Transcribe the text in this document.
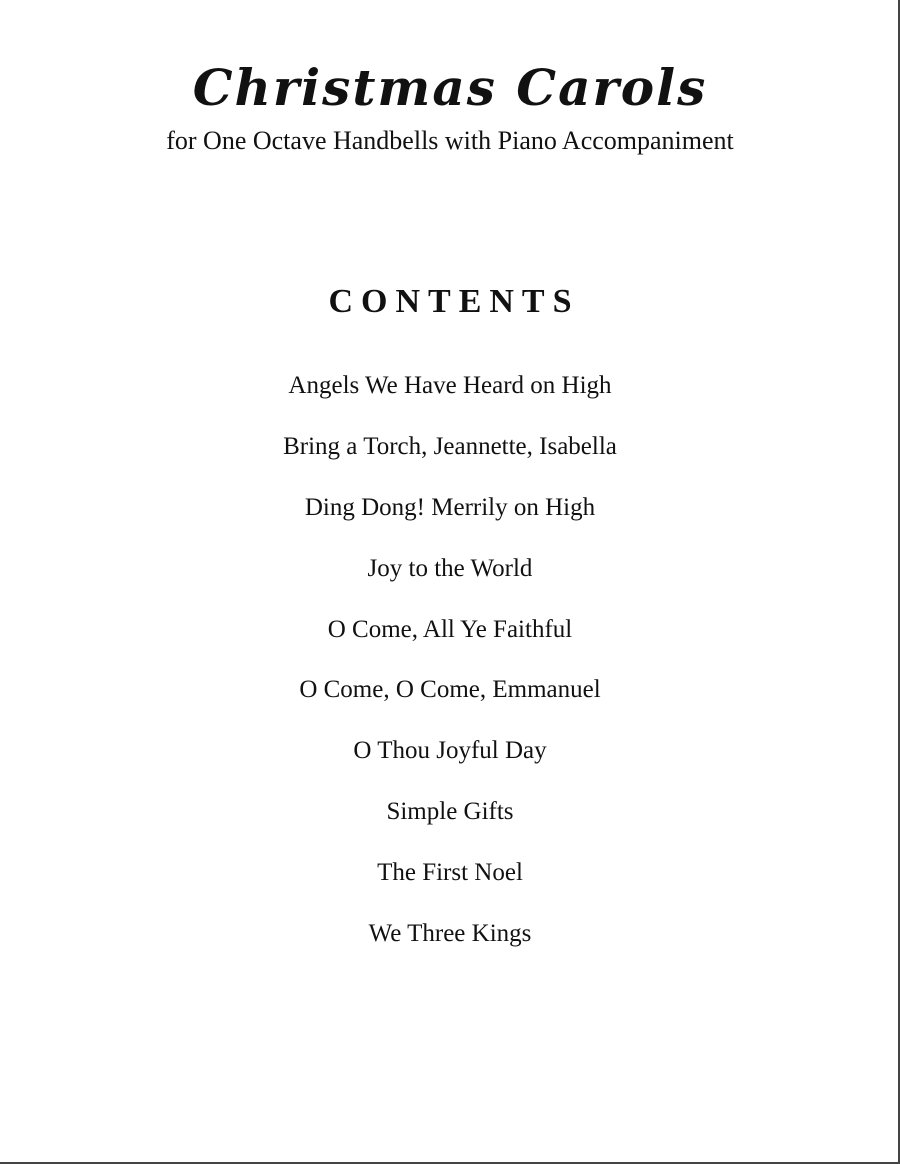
Christmas Carols

for One Octave Handbells with Piano Accompaniment

CONTENTS
Angels We Have Heard on High
Bring a Torch, Jeannette, Isabella
Ding Dong! Merrily on High
Joy to the World
O Come, All Ye Faithful
O Come, O Come, Emmanuel
O Thou Joyful Day
Simple Gifts
The First Noel
We Three Kings
